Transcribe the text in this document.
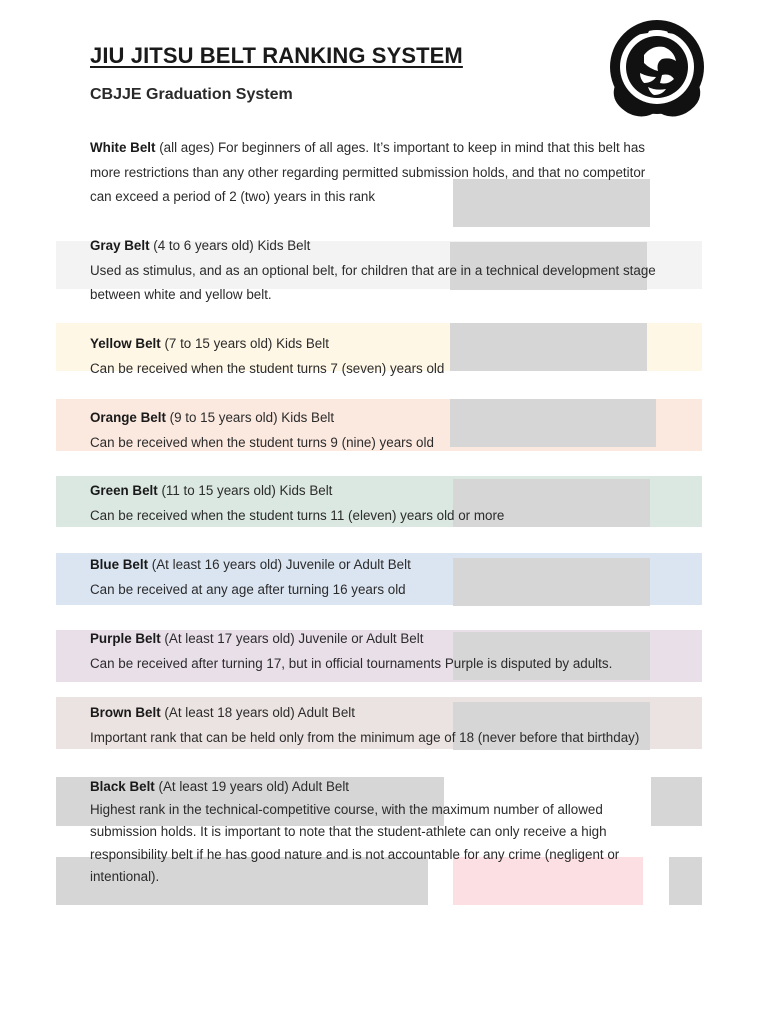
JIU JITSU BELT RANKING SYSTEM
CBJJE Graduation System
White Belt (all ages) For beginners of all ages. It’s important to keep in mind that this belt has
more restrictions than any other regarding permitted submission holds, and that no competitor
can exceed a period of 2 (two) years in this rank
Gray Belt (4 to 6 years old) Kids Belt
Used as stimulus, and as an optional belt, for children that are in a technical development stage
between white and yellow belt.
Yellow Belt (7 to 15 years old) Kids Belt
Can be received when the student turns 7 (seven) years old
Orange Belt (9 to 15 years old) Kids Belt
Can be received when the student turns 9 (nine) years old
Green Belt (11 to 15 years old) Kids Belt
Can be received when the student turns 11 (eleven) years old or more
Blue Belt (At least 16 years old) Juvenile or Adult Belt
Can be received at any age after turning 16 years old
Purple Belt (At least 17 years old) Juvenile or Adult Belt
Can be received after turning 17, but in official tournaments Purple is disputed by adults.
Brown Belt (At least 18 years old) Adult Belt
Important rank that can be held only from the minimum age of 18 (never before that birthday)
Black Belt (At least 19 years old) Adult Belt
Highest rank in the technical-competitive course, with the maximum number of allowed
submission holds. It is important to note that the student-athlete can only receive a high
responsibility belt if he has good nature and is not accountable for any crime (negligent or
intentional).
